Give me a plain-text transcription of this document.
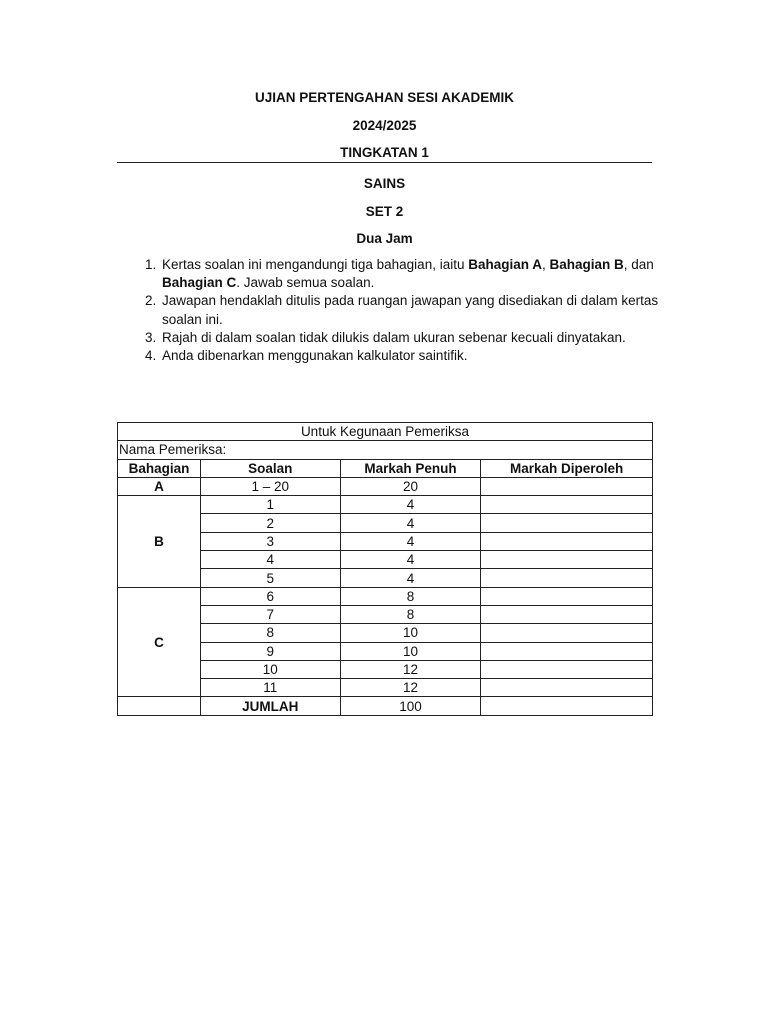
UJIAN PERTENGAHAN SESI AKADEMIK
2024/2025
TINGKATAN 1
SAINS
SET 2
Dua Jam
1. Kertas soalan ini mengandungi tiga bahagian, iaitu Bahagian A, Bahagian B, dan Bahagian C. Jawab semua soalan.
2. Jawapan hendaklah ditulis pada ruangan jawapan yang disediakan di dalam kertas soalan ini.
3. Rajah di dalam soalan tidak dilukis dalam ukuran sebenar kecuali dinyatakan.
4. Anda dibenarkan menggunakan kalkulator saintifik.
Untuk Kegunaan Pemeriksa			
Nama Pemeriksa:			
Bahagian	Soalan	Markah Penuh	Markah Diperoleh
A	1 – 20	20	
B	1	4	
	2	4	
	3	4	
	4	4	
	5	4	
C	6	8	
	7	8	
	8	10	
	9	10	
	10	12	
	11	12	
	JUMLAH	100	
